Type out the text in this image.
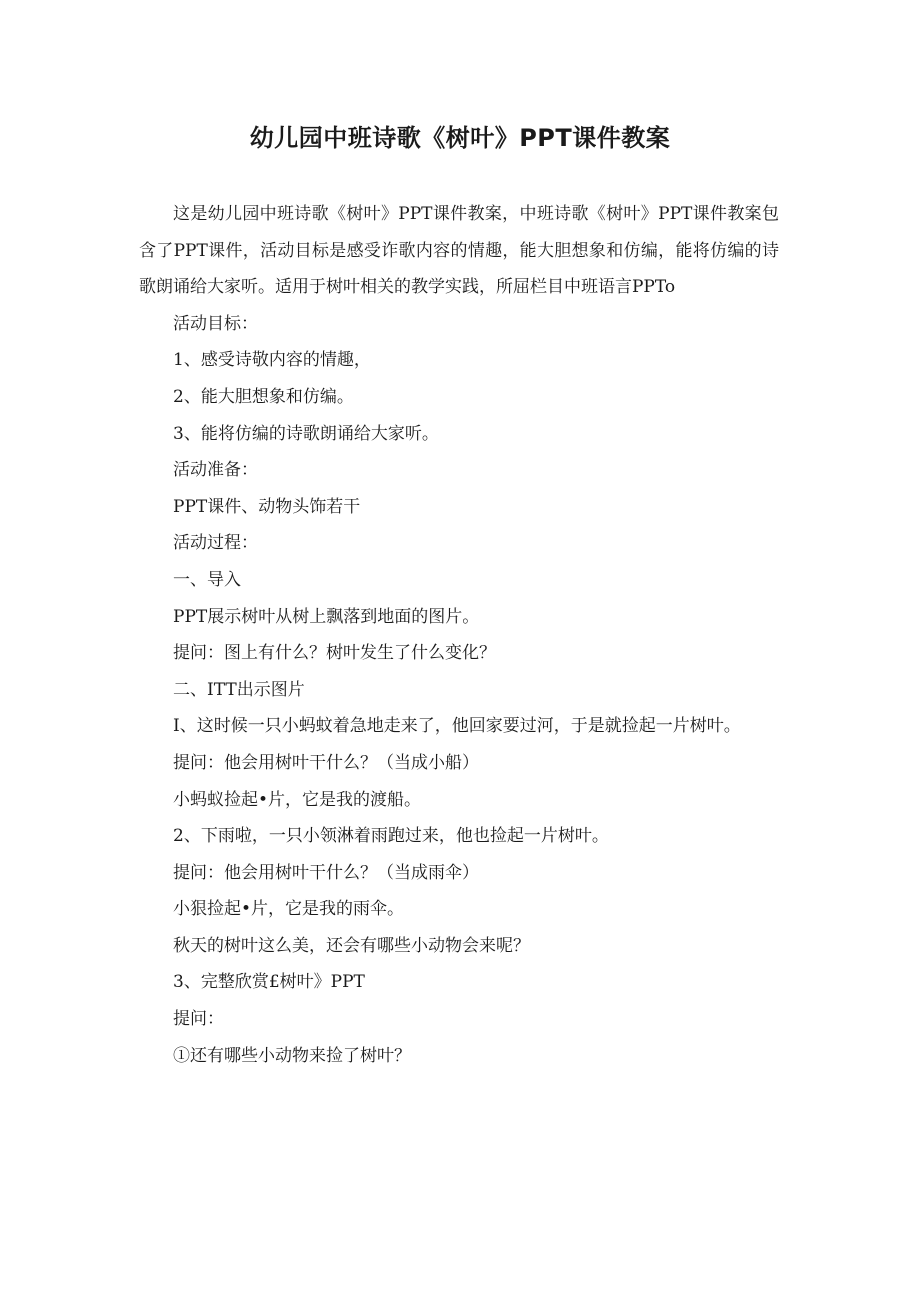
幼儿园中班诗歌《树叶》PPT课件教案

这是幼儿园中班诗歌《树叶》PPT课件教案，中班诗歌《树叶》PPT课件教案包含了PPT课件，活动目标是感受诈歌内容的情趣，能大胆想象和仿编，能将仿编的诗歌朗诵给大家听。适用于树叶相关的教学实践，所屈栏目中班语言PPTo

活动目标：

1、感受诗敬内容的情趣，

2、能大胆想象和仿编。

3、能将仿编的诗歌朗诵给大家听。

活动准备：

PPT课件、动物头饰若干

活动过程：

一、导入

PPT展示树叶从树上飘落到地面的图片。

提问：图上有什么？树叶发生了什么变化？

二、ITT出示图片

I、这时候一只小蚂蚊着急地走来了，他回家要过河，于是就捡起一片树叶。

提问：他会用树叶干什么？（当成小船）

小蚂蚁捡起•片，它是我的渡船。

2、下雨啦，一只小领淋着雨跑过来，他也捡起一片树叶。

提问：他会用树叶干什么？（当成雨伞）

小狠捡起•片，它是我的雨伞。

秋天的树叶这么美，还会有哪些小动物会来呢？

3、完整欣赏£树叶》PPT

提问：

①还有哪些小动物来捡了树叶？
